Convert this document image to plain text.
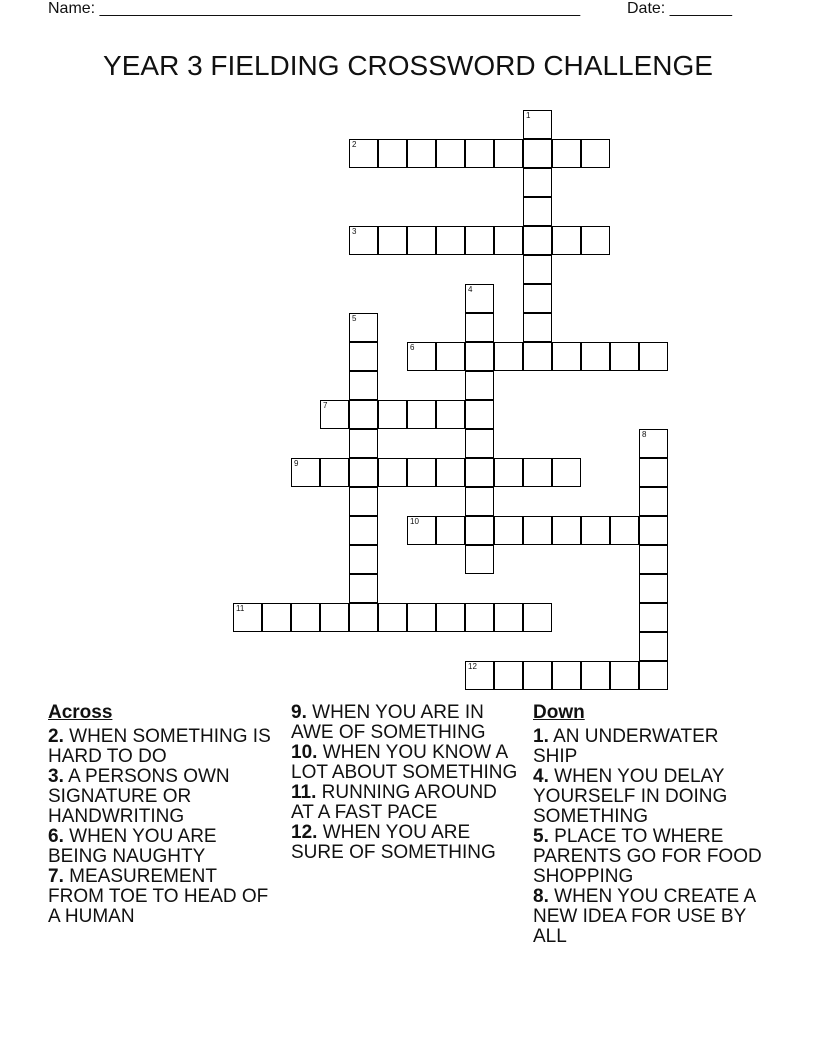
Name: ______________________________________________________	Date: _______
YEAR 3 FIELDING CROSSWORD CHALLENGE
1
2
3
4
5
6
7
8
9
10
11
12
Across
2. WHEN SOMETHING IS HARD TO DO
3. A PERSONS OWN SIGNATURE OR HANDWRITING
6. WHEN YOU ARE BEING NAUGHTY
7. MEASUREMENT FROM TOE TO HEAD OF A HUMAN
9. WHEN YOU ARE IN AWE OF SOMETHING
10. WHEN YOU KNOW A LOT ABOUT SOMETHING
11. RUNNING AROUND AT A FAST PACE
12. WHEN YOU ARE SURE OF SOMETHING
Down
1. AN UNDERWATER SHIP
4. WHEN YOU DELAY YOURSELF IN DOING SOMETHING
5. PLACE TO WHERE PARENTS GO FOR FOOD SHOPPING
8. WHEN YOU CREATE A NEW IDEA FOR USE BY ALL
